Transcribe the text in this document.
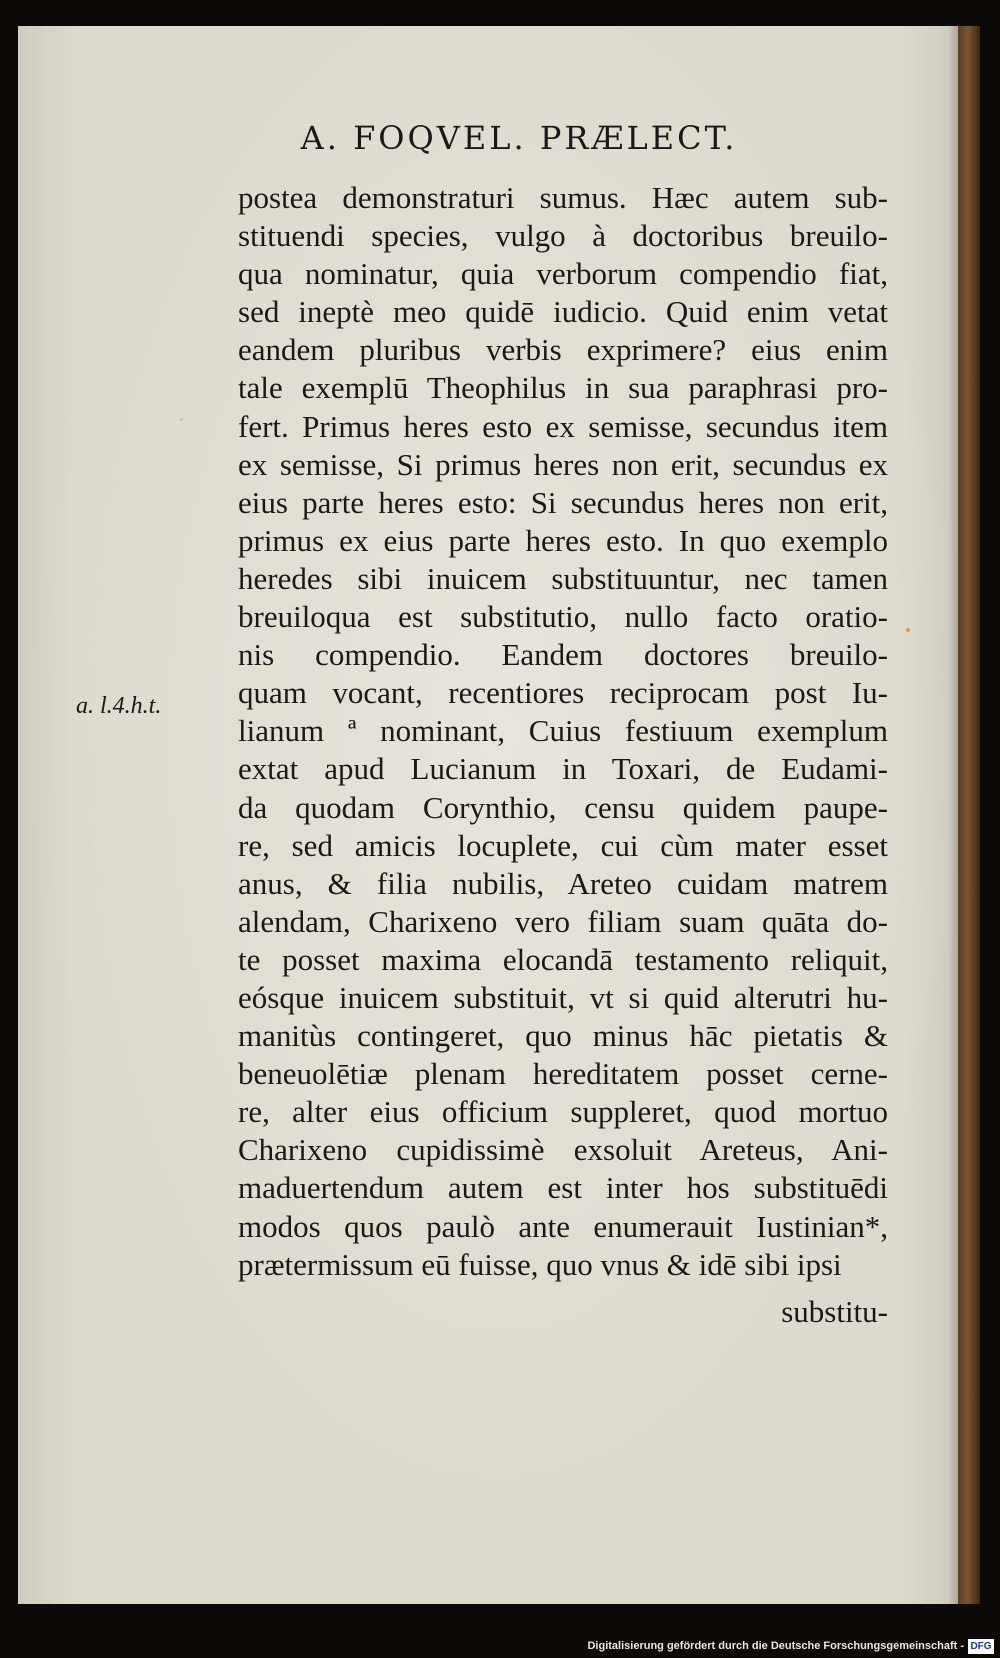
A. FOQVEL. PRÆLECT.
a. l.4.h.t.
postea demonstraturi sumus. Hæc autem sub-
stituendi species, vulgo à doctoribus breuilo-
qua nominatur, quia verborum compendio fiat,
sed ineptè meo quidē iudicio. Quid enim vetat
eandem pluribus verbis exprimere? eius enim
tale exemplū Theophilus in sua paraphrasi pro-
fert. Primus heres esto ex semisse, secundus item
ex semisse, Si primus heres non erit, secundus ex
eius parte heres esto: Si secundus heres non erit,
primus ex eius parte heres esto. In quo exemplo
heredes sibi inuicem substituuntur, nec tamen
breuiloqua est substitutio, nullo facto oratio-
nis compendio. Eandem doctores breuilo-
quam vocant, recentiores reciprocam post Iu-
lianum ª nominant, Cuius festiuum exemplum
extat apud Lucianum in Toxari, de Eudami-
da quodam Corynthio, censu quidem paupe-
re, sed amicis locuplete, cui cùm mater esset
anus, & filia nubilis, Areteo cuidam matrem
alendam, Charixeno vero filiam suam quāta do-
te posset maxima elocandā testamento reliquit,
eósque inuicem substituit, vt si quid alterutri hu-
manitùs contingeret, quo minus hāc pietatis &
beneuolētiæ plenam hereditatem posset cerne-
re, alter eius officium suppleret, quod mortuo
Charixeno cupidissimè exsoluit Areteus, Ani-
maduertendum autem est inter hos substituēdi
modos quos paulò ante enumerauit Iustinian*,
prætermissum eū fuisse, quo vnus & idē sibi ipsi
substitu-
Digitalisierung gefördert durch die Deutsche Forschungsgemeinschaft - DFG
